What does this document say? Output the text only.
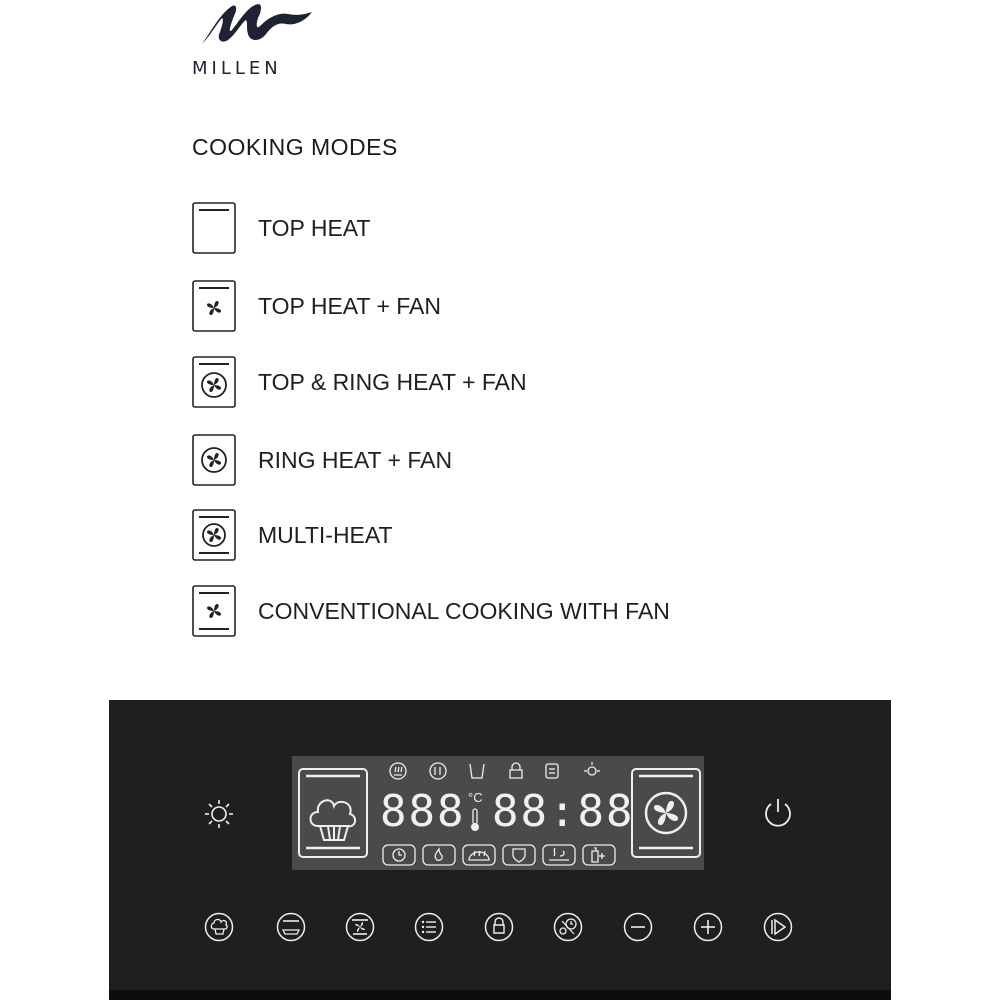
MILLEN
COOKING MODES
TOP HEAT
TOP HEAT + FAN
TOP & RING HEAT + FAN
RING HEAT + FAN
MULTI-HEAT
CONVENTIONAL COOKING WITH FAN
888 °C 88:88
